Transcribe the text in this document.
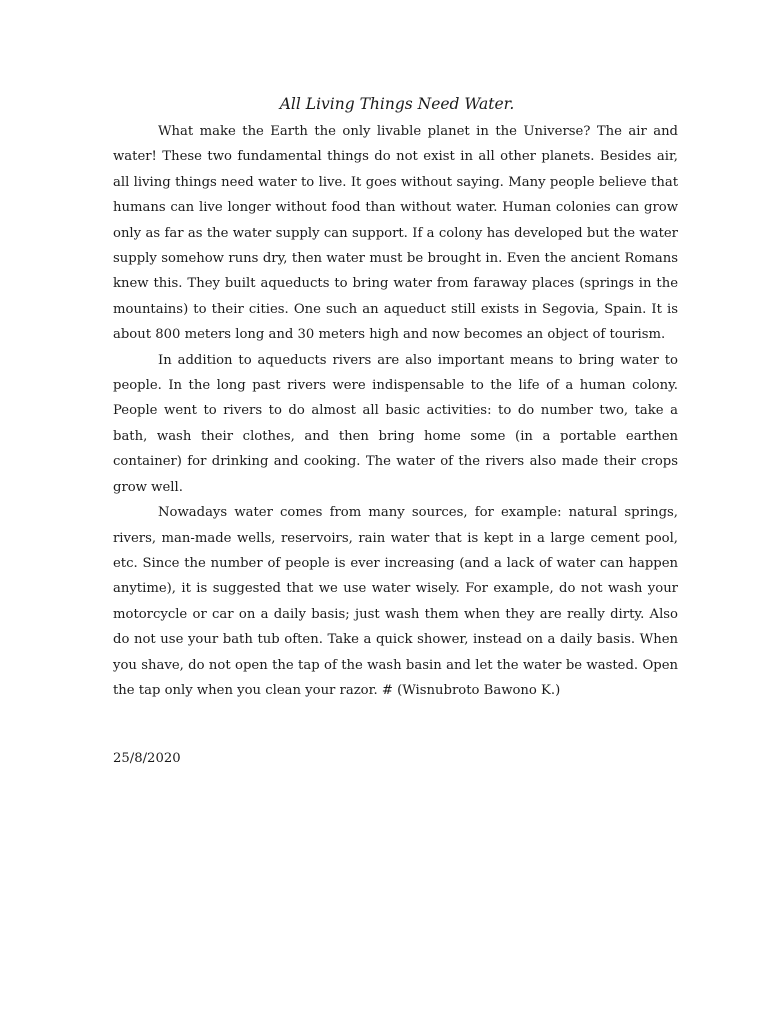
All Living Things Need Water.

What make the Earth the only livable planet in the Universe? The air and water! These two fundamental things do not exist in all other planets. Besides air, all living things need water to live. It goes without saying. Many people believe that humans can live longer without food than without water. Human colonies can grow only as far as the water supply can support. If a colony has developed but the water supply somehow runs dry, then water must be brought in. Even the ancient Romans knew this. They built aqueducts to bring water from faraway places (springs in the mountains) to their cities. One such an aqueduct still exists in Segovia, Spain. It is about 800 meters long and 30 meters high and now becomes an object of tourism.

In addition to aqueducts rivers are also important means to bring water to people. In the long past rivers were indispensable to the life of a human colony. People went to rivers to do almost all basic activities: to do number two, take a bath, wash their clothes, and then bring home some (in a portable earthen container) for drinking and cooking. The water of the rivers also made their crops grow well.

Nowadays water comes from many sources, for example: natural springs, rivers, man-made wells, reservoirs, rain water that is kept in a large cement pool, etc. Since the number of people is ever increasing (and a lack of water can happen anytime), it is suggested that we use water wisely. For example, do not wash your motorcycle or car on a daily basis; just wash them when they are really dirty. Also do not use your bath tub often. Take a quick shower, instead on a daily basis. When you shave, do not open the tap of the wash basin and let the water be wasted. Open the tap only when you clean your razor. # (Wisnubroto Bawono K.)

25/8/2020
